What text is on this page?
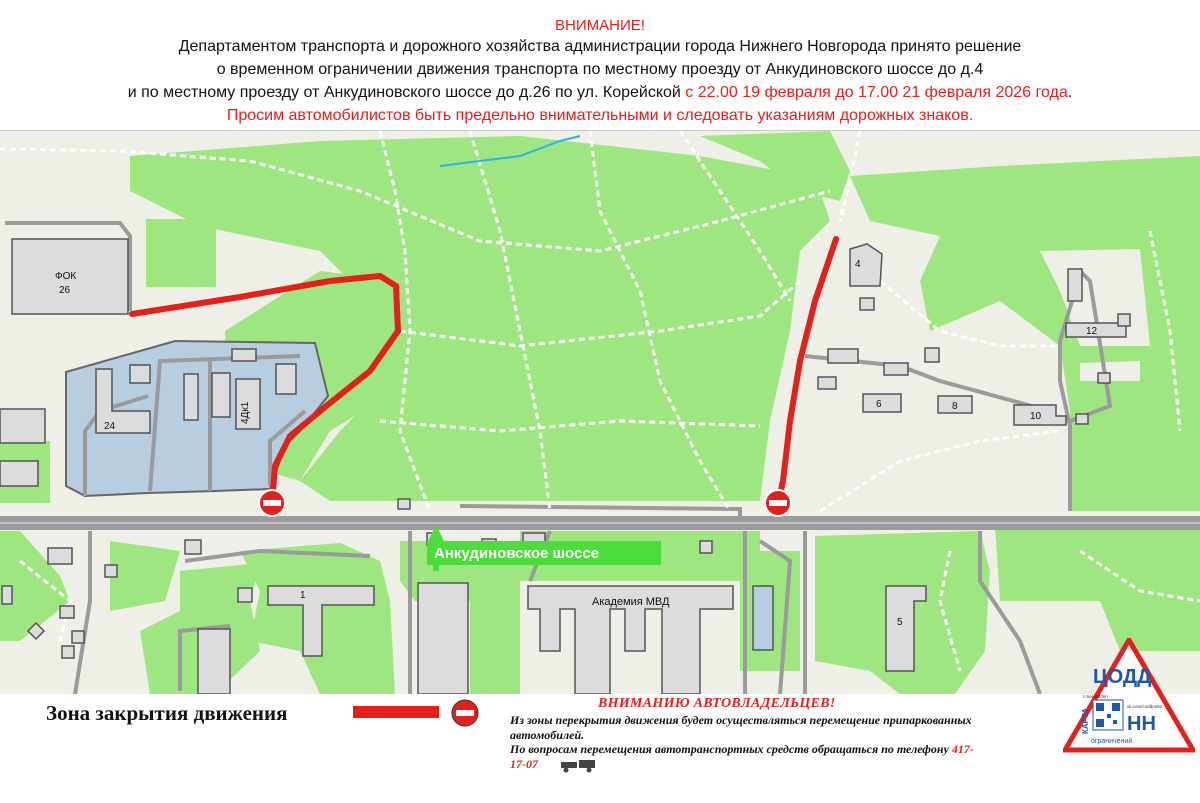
ВНИМАНИЕ!
Департаментом транспорта и дорожного хозяйства администрации города Нижнего Новгорода принято решение
о временном ограничении движения транспорта по местному проезду от Анкудиновского шоссе до д.4
и по местному проезду от Анкудиновского шоссе до д.26 по ул. Корейской с 22.00 19 февраля до 17.00 21 февраля 2026 года.
Просим автомобилистов быть предельно внимательными и следовать указаниям дорожных знаков.
ФОК
26
24
4Дк1
4
6	8
10
12
1
5
Академия МВД
Анкудиновское шоссе
Зона закрытия движения	ВНИМАНИЮ АВТОВЛАДЕЛЬЦЕВ!
Из зоны перекрытия движения будет осуществляться перемещение припаркованных автомобилей.
По вопросам перемещения автотранспортных средств обращаться по телефону 417-17-07
ЦОДД
t.me/coddnn
vk.com/coddnn52
КАРТА НН
ограничений
